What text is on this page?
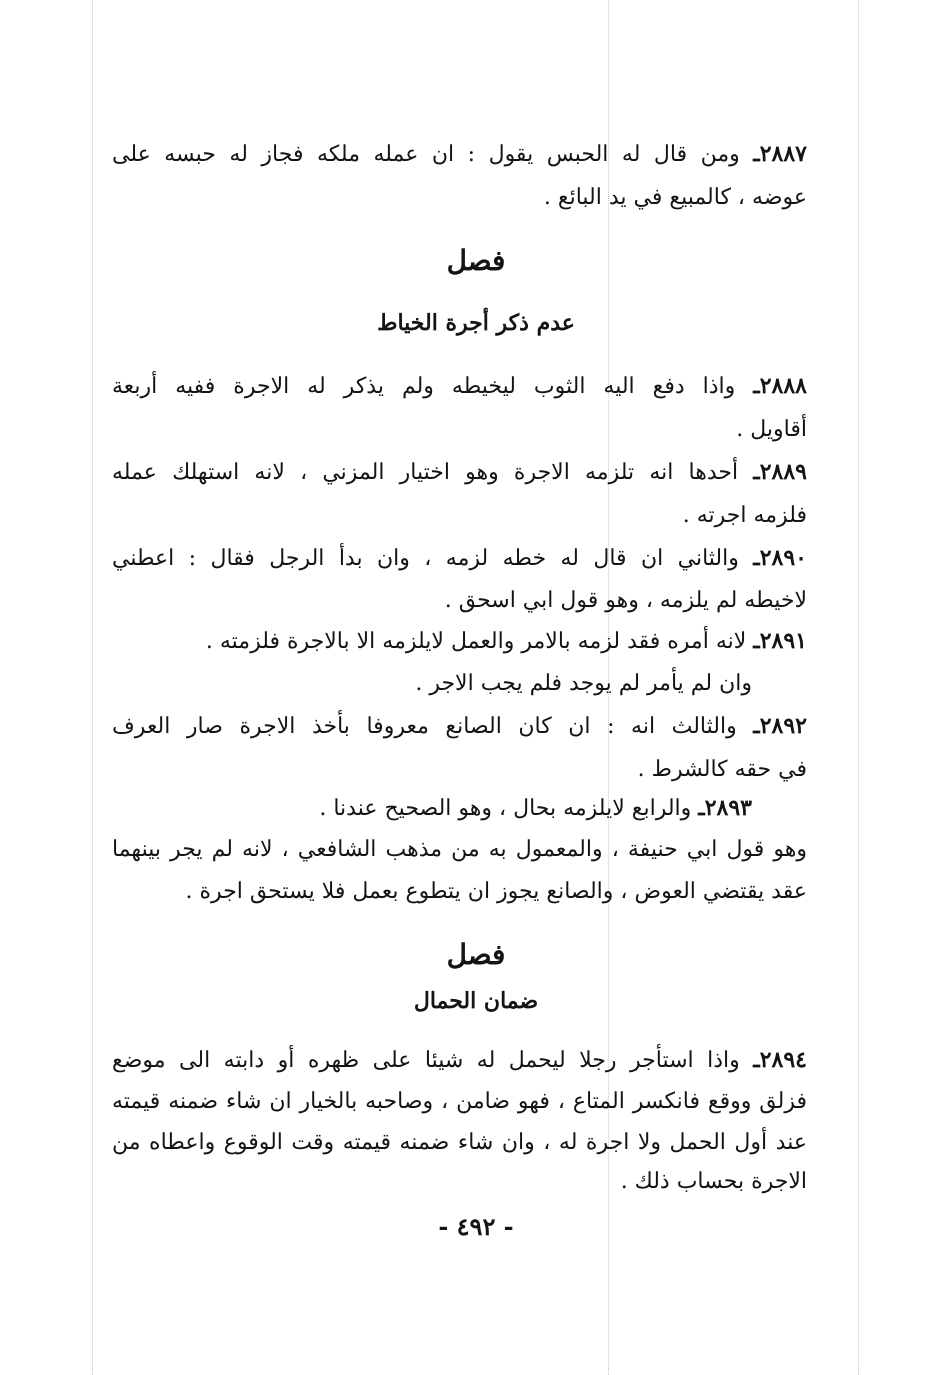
٢٨٨٧ـ ومن قال له الحبس يقول : ان عمله ملكه فجاز له حبسه على
عوضه ، كالمبيع في يد البائع .
فصل
عدم ذكر أجرة الخياط
٢٨٨٨ـ واذا دفع اليه الثوب ليخيطه ولم يذكر له الاجرة ففيه أربعة
أقاويل .
٢٨٨٩ـ أحدها انه تلزمه الاجرة وهو اختيار المزني ، لانه استهلك عمله
فلزمه اجرته .
٢٨٩٠ـ والثاني ان قال له خطه لزمه ، وان بدأ الرجل فقال : اعطني
لاخيطه لم يلزمه ، وهو قول ابي اسحق .
٢٨٩١ـ لانه أمره فقد لزمه بالامر والعمل لايلزمه الا بالاجرة فلزمته .
وان لم يأمر لم يوجد فلم يجب الاجر .
٢٨٩٢ـ والثالث انه : ان كان الصانع معروفا بأخذ الاجرة صار العرف
في حقه كالشرط .
٢٨٩٣ـ والرابع لايلزمه بحال ، وهو الصحيح عندنا .
وهو قول ابي حنيفة ، والمعمول به من مذهب الشافعي ، لانه لم يجر بينهما
عقد يقتضي العوض ، والصانع يجوز ان يتطوع بعمل فلا يستحق اجرة .
فصل
ضمان الحمال
٢٨٩٤ـ واذا استأجر رجلا ليحمل له شيئا على ظهره أو دابته الى موضع
فزلق ووقع فانكسر المتاع ، فهو ضامن ، وصاحبه بالخيار ان شاء ضمنه قيمته
عند أول الحمل ولا اجرة له ، وان شاء ضمنه قيمته وقت الوقوع واعطاه من
الاجرة بحساب ذلك .
- ٤٩٢ -
